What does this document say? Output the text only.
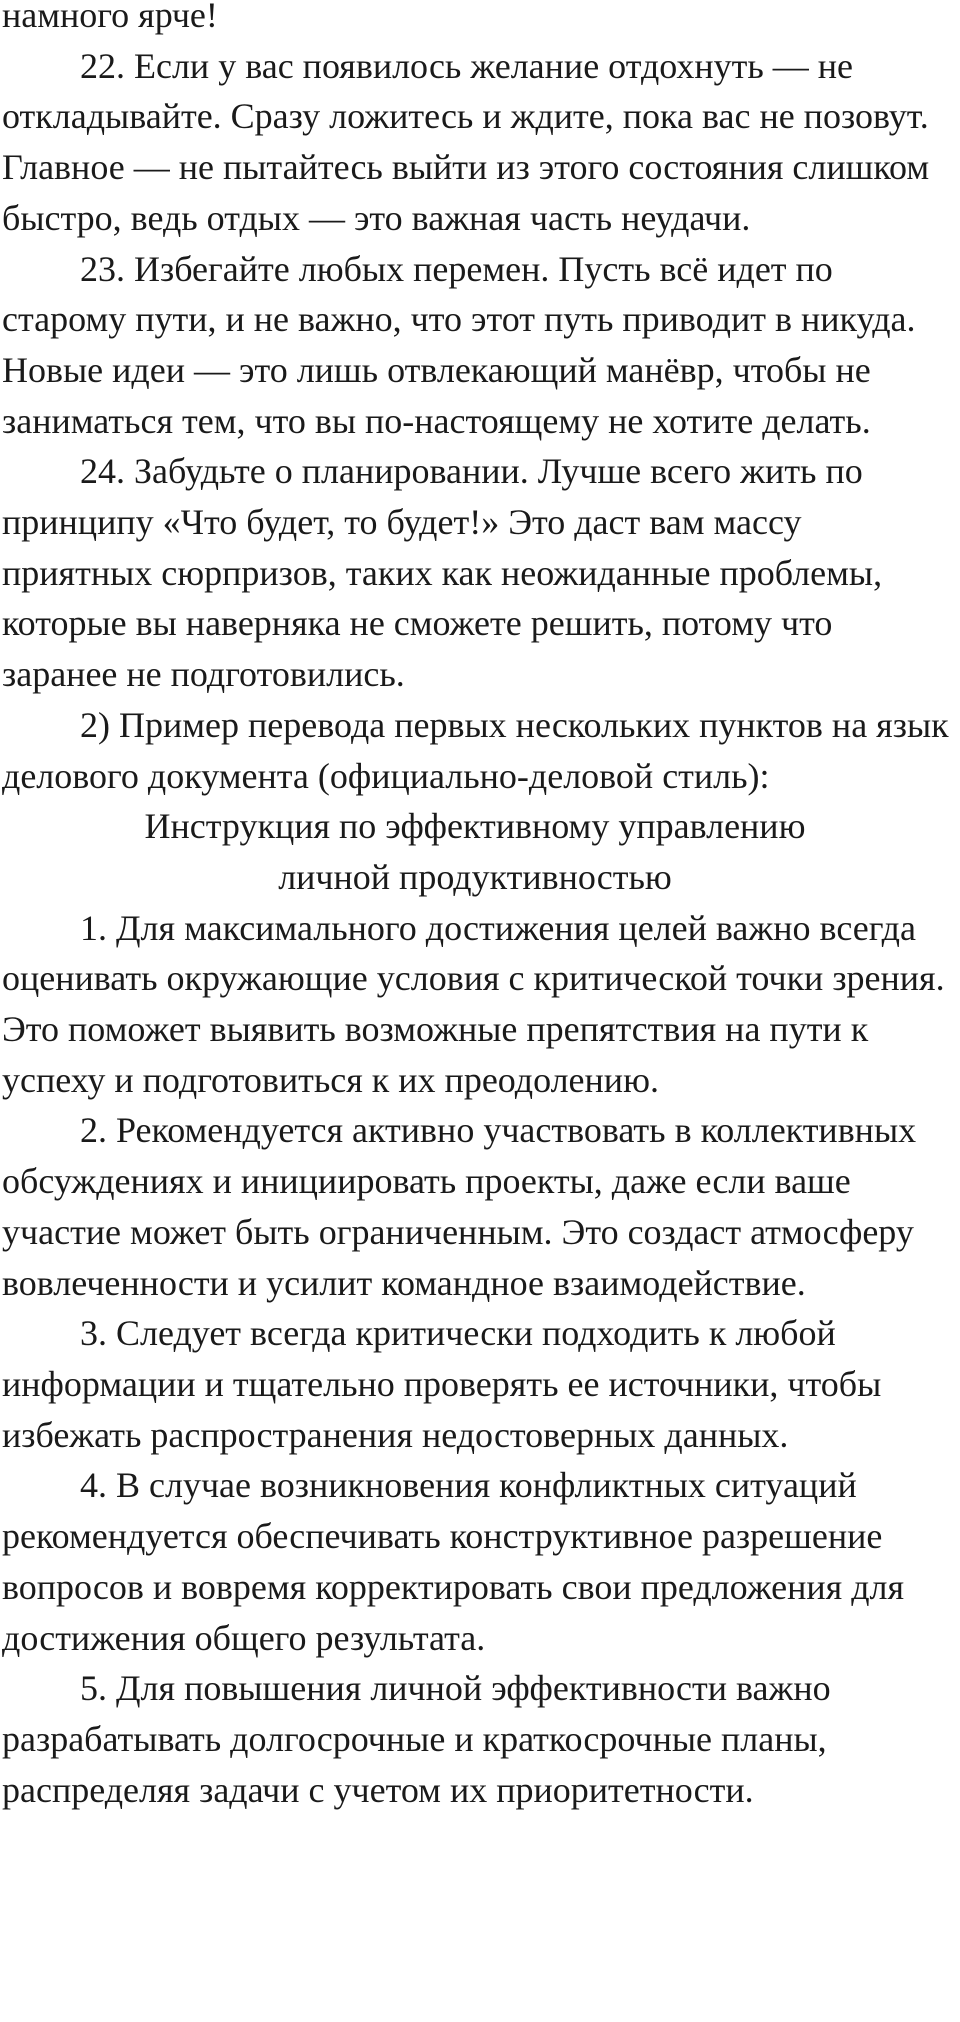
намного ярче!

22. Если у вас появилось желание отдохнуть — не откладывайте. Сразу ложитесь и ждите, пока вас не позовут. Главное — не пытайтесь выйти из этого состояния слишком быстро, ведь отдых — это важная часть неудачи.

23. Избегайте любых перемен. Пусть всё идет по старому пути, и не важно, что этот путь приводит в никуда. Новые идеи — это лишь отвлекающий манёвр, чтобы не заниматься тем, что вы по-настоящему не хотите делать.

24. Забудьте о планировании. Лучше всего жить по принципу «Что будет, то будет!» Это даст вам массу приятных сюрпризов, таких как неожиданные проблемы, которые вы наверняка не сможете решить, потому что заранее не подготовились.

2) Пример перевода первых нескольких пунктов на язык делового документа (официально-деловой стиль):

Инструкция по эффективному управлению

личной продуктивностью

1. Для максимального достижения целей важно всегда оценивать окружающие условия с критической точки зрения. Это поможет выявить возможные препятствия на пути к успеху и подготовиться к их преодолению.

2. Рекомендуется активно участвовать в коллективных обсуждениях и инициировать проекты, даже если ваше участие может быть ограниченным. Это создаст атмосферу вовлеченности и усилит командное взаимодействие.

3. Следует всегда критически подходить к любой информации и тщательно проверять ее источники, чтобы избежать распространения недостоверных данных.

4. В случае возникновения конфликтных ситуаций рекомендуется обеспечивать конструктивное разрешение вопросов и вовремя корректировать свои предложения для достижения общего результата.

5. Для повышения личной эффективности важно разрабатывать долгосрочные и краткосрочные планы, распределяя задачи с учетом их приоритетности.
